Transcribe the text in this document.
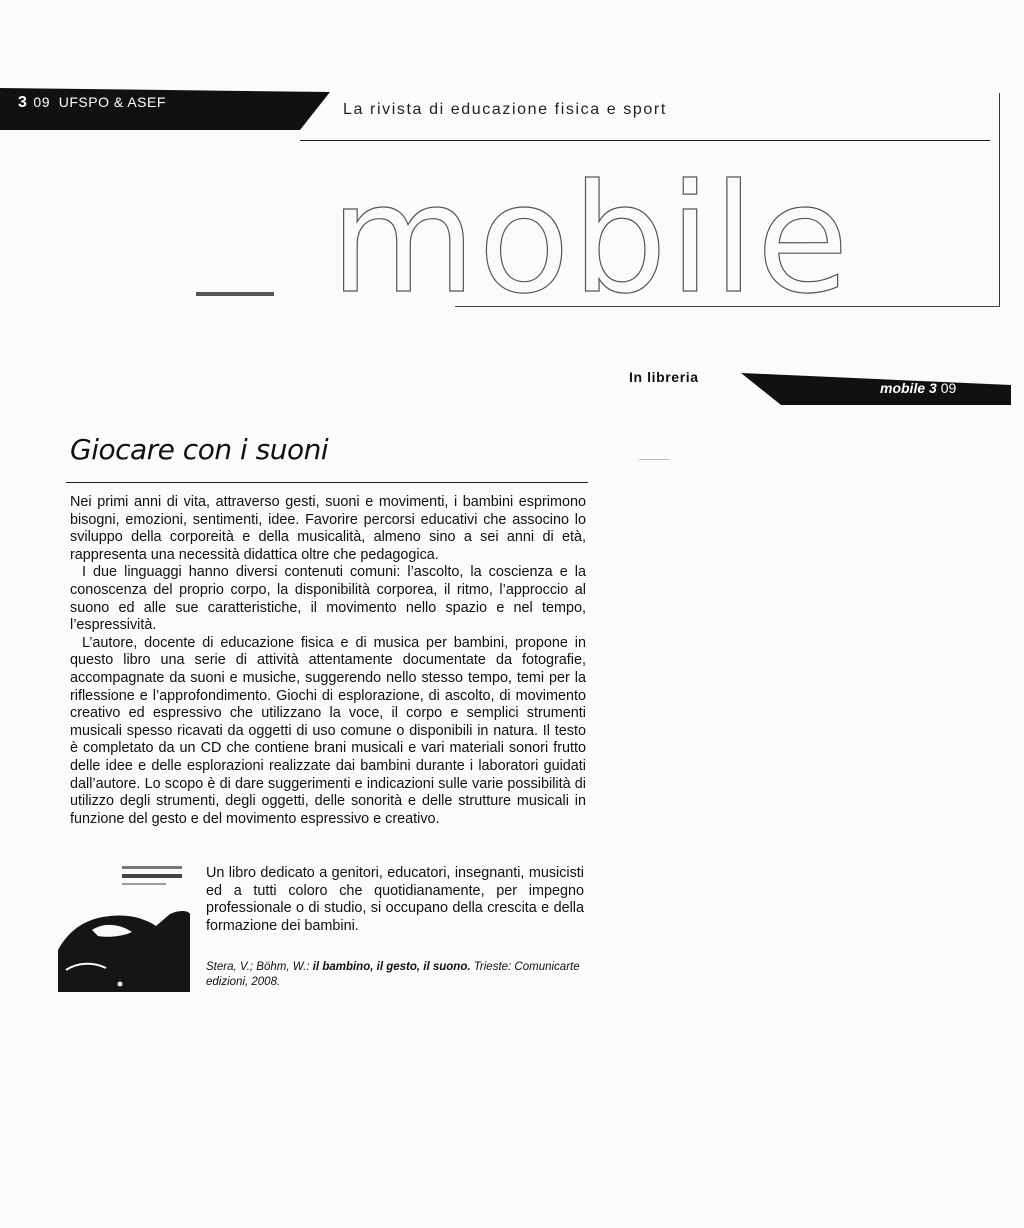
3 09 UFSPO & ASEF	La rivista di educazione fisica e sport
mobile
In libreria
mobile 3 09
Giocare con i suoni

Nei primi anni di vita, attraverso gesti, suoni e movimenti, i bambini esprimono bisogni, emozioni, sentimenti, idee. Favorire percorsi educativi che associno lo sviluppo della corporeità e della musicalità, almeno sino a sei anni di età, rappresenta una necessità didattica oltre che pedagogica.

I due linguaggi hanno diversi contenuti comuni: l’ascolto, la coscienza e la conoscenza del proprio corpo, la disponibilità corporea, il ritmo, l’approccio al suono ed alle sue caratteristiche, il movimento nello spazio e nel tempo, l’espressività.

L’autore, docente di educazione fisica e di musica per bambini, propone in questo libro una serie di attività attentamente documentate da fotografie, accompagnate da suoni e musiche, suggerendo nello stesso tempo, temi per la riflessione e l’approfondimento. Giochi di esplorazione, di ascolto, di movimento creativo ed espressivo che utilizzano la voce, il corpo e semplici strumenti musicali spesso ricavati da oggetti di uso comune o disponibili in natura. Il testo è completato da un CD che contiene brani musicali e vari materiali sonori frutto delle idee e delle esplorazioni realizzate dai bambini durante i laboratori guidati dall’autore. Lo scopo è di dare suggerimenti e indicazioni sulle varie possibilità di utilizzo degli strumenti, degli oggetti, delle sonorità e delle strutture musicali in funzione del gesto e del movimento espressivo e creativo.

Un libro dedicato a genitori, educatori, insegnanti, musicisti ed a tutti coloro che quotidianamente, per impegno professionale o di studio, si occupano della crescita e della formazione dei bambini.
Stera, V.; Böhm, W.: il bambino, il gesto, il suono. Trieste: Comunicarte edizioni, 2008.
